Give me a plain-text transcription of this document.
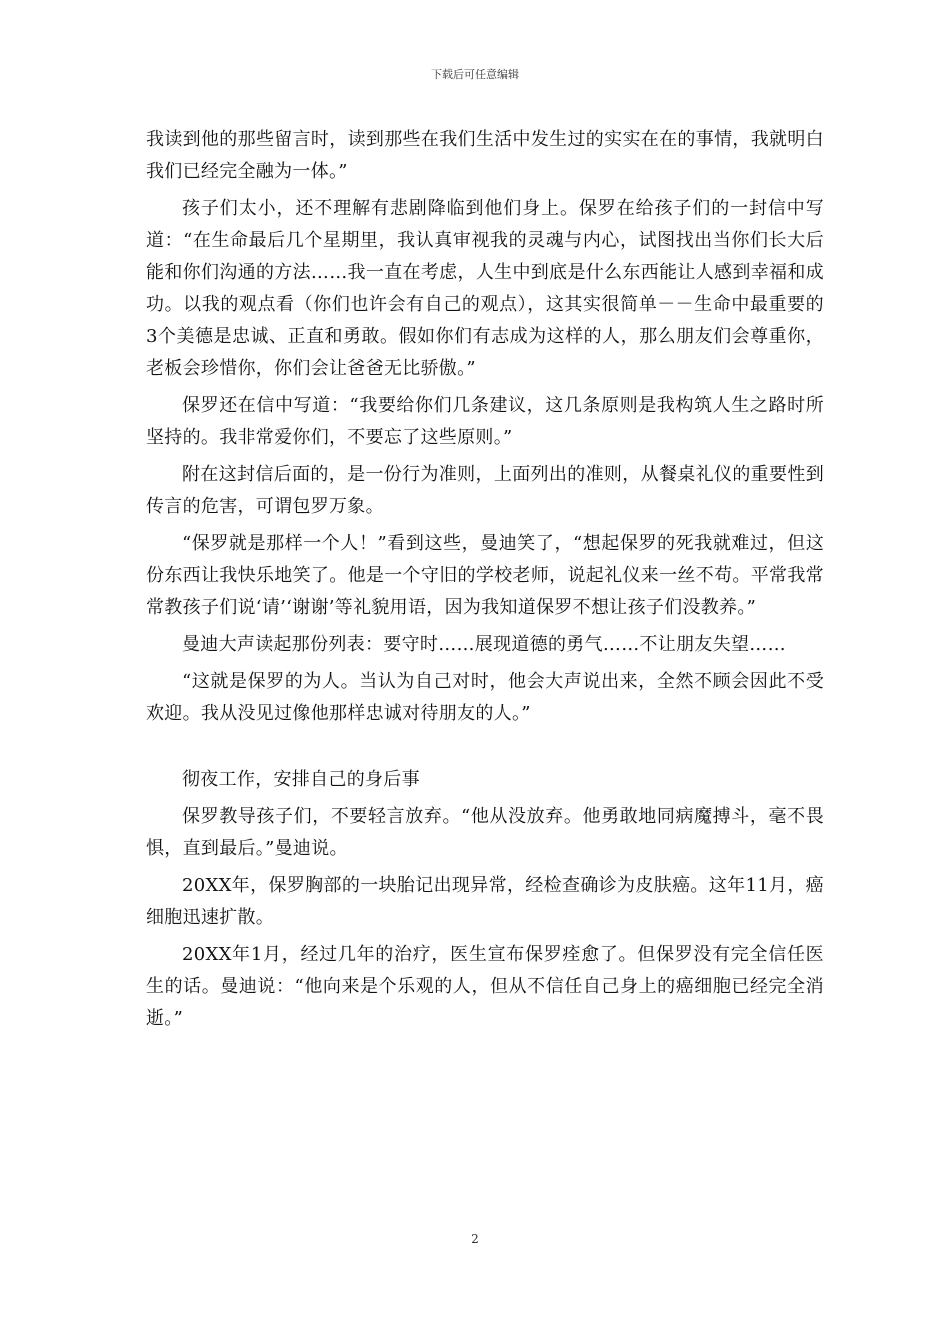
下载后可任意编辑

我读到他的那些留言时，读到那些在我们生活中发生过的实实在在的事情，我就明白我们已经完全融为一体。”

孩子们太小，还不理解有悲剧降临到他们身上。保罗在给孩子们的一封信中写道：“在生命最后几个星期里，我认真审视我的灵魂与内心，试图找出当你们长大后能和你们沟通的方法……我一直在考虑，人生中到底是什么东西能让人感到幸福和成功。以我的观点看（你们也许会有自己的观点），这其实很简单－－生命中最重要的3个美德是忠诚、正直和勇敢。假如你们有志成为这样的人，那么朋友们会尊重你，老板会珍惜你，你们会让爸爸无比骄傲。”

保罗还在信中写道：“我要给你们几条建议，这几条原则是我构筑人生之路时所坚持的。我非常爱你们，不要忘了这些原则。”

附在这封信后面的，是一份行为准则，上面列出的准则，从餐桌礼仪的重要性到传言的危害，可谓包罗万象。

“保罗就是那样一个人！”看到这些，曼迪笑了，“想起保罗的死我就难过，但这份东西让我快乐地笑了。他是一个守旧的学校老师，说起礼仪来一丝不苟。平常我常常教孩子们说‘请’‘谢谢’等礼貌用语，因为我知道保罗不想让孩子们没教养。”

曼迪大声读起那份列表：要守时……展现道德的勇气……不让朋友失望……

“这就是保罗的为人。当认为自己对时，他会大声说出来，全然不顾会因此不受欢迎。我从没见过像他那样忠诚对待朋友的人。”

彻夜工作，安排自己的身后事

保罗教导孩子们，不要轻言放弃。“他从没放弃。他勇敢地同病魔搏斗，毫不畏惧，直到最后。”曼迪说。

20XX年，保罗胸部的一块胎记出现异常，经检查确诊为皮肤癌。这年11月，癌细胞迅速扩散。

20XX年1月，经过几年的治疗，医生宣布保罗痊愈了。但保罗没有完全信任医生的话。曼迪说：“他向来是个乐观的人，但从不信任自己身上的癌细胞已经完全消逝。”

2
